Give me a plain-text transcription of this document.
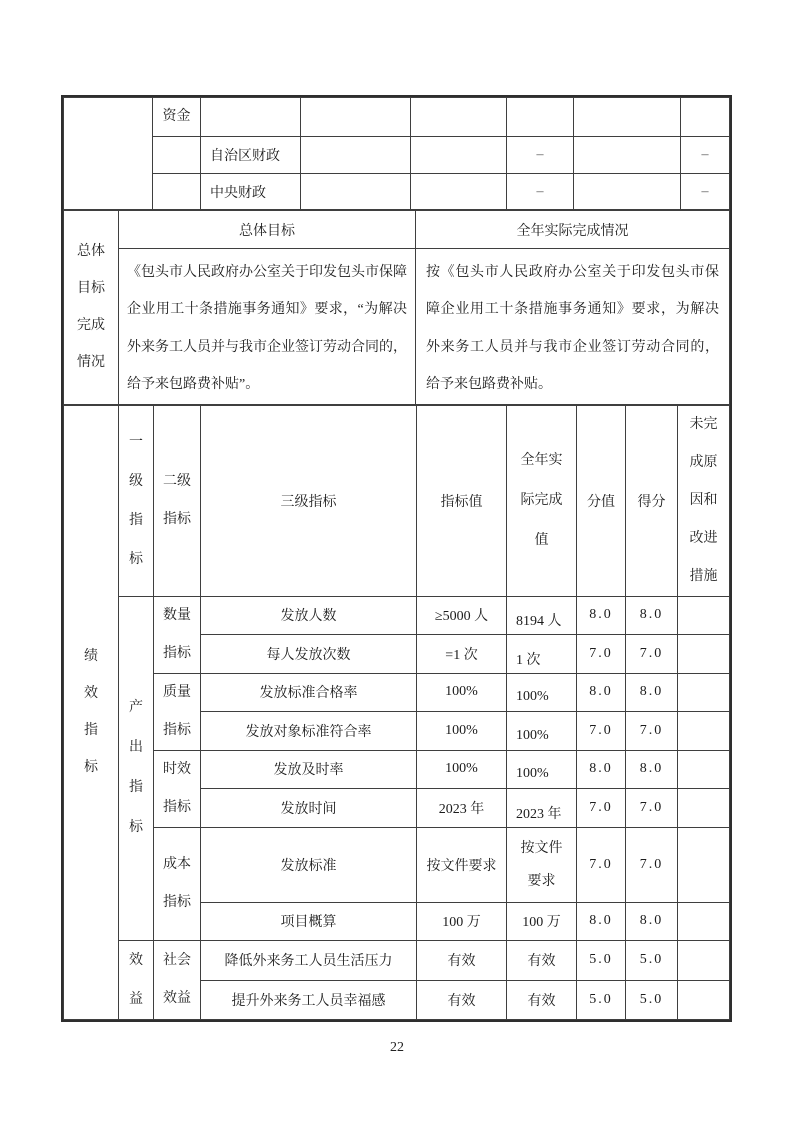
	资金						

		自治区财政			–		–
		中央财政			–		–
总体目标完成情况	总体目标	全年实际完成情况
	《包头市人民政府办公室关于印发包头市保障企业用工十条措施事务通知》要求，“为解决外来务工人员并与我市企业签订劳动合同的，给予来包路费补贴”。	按《包头市人民政府办公室关于印发包头市保障企业用工十条措施事务通知》要求，为解决外来务工人员并与我市企业签订劳动合同的，给予来包路费补贴。
绩效指标	一级指标	二级指标	三级指标	指标值	全年实际完成值	分值	得分	未完成原因和改进措施

	产出指标	数量指标	发放人数	≥5000 人	8194 人	8.0	8.0	
			每人发放次数	=1 次	1 次	7.0	7.0	

		质量指标	发放标准合格率	100%	100%	8.0	8.0	
			发放对象标准符合率	100%	100%	7.0	7.0	

		时效指标	发放及时率	100%	100%	8.0	8.0	
			发放时间	2023 年	2023 年	7.0	7.0	

		成本指标	发放标准	按文件要求	按文件要求	7.0	7.0	
			项目概算	100 万	100 万	8.0	8.0	

	效益	社会效益	降低外来务工人员生活压力	有效	有效	5.0	5.0	
			提升外来务工人员幸福感	有效	有效	5.0	5.0	
22
